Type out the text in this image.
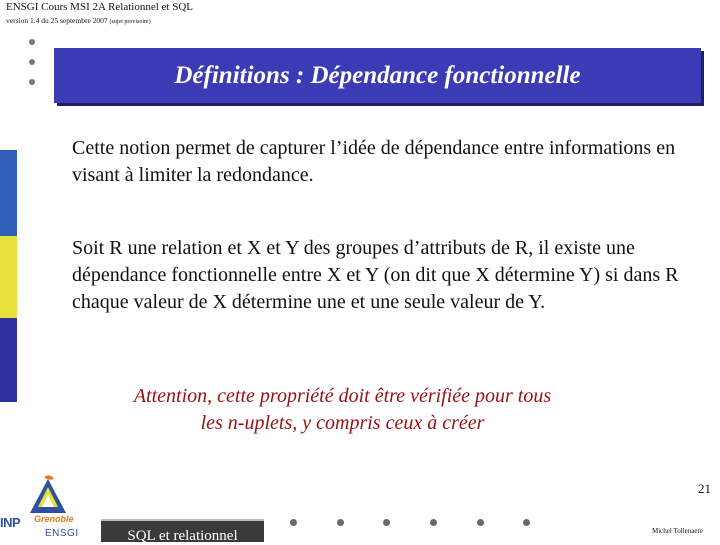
ENSGI Cours MSI 2A Relationnel et SQL
version 1.4 du 25 septembre 2007 (sujet provisoire)
Définitions : Dépendance fonctionnelle
Cette notion permet de capturer l’idée de dépendance entre informations en visant à limiter la redondance.
Soit R une relation et X et Y des groupes d’attributs de R, il existe une dépendance fonctionnelle entre X et Y (on dit que X détermine Y) si dans R chaque valeur de X détermine une et une seule valeur de Y.
Attention, cette propriété doit être vérifiée pour tous
les n-uplets, y compris ceux à créer
INP Grenoble
ENSGI	SQL et relationnel
21
Michel Tollenaere
